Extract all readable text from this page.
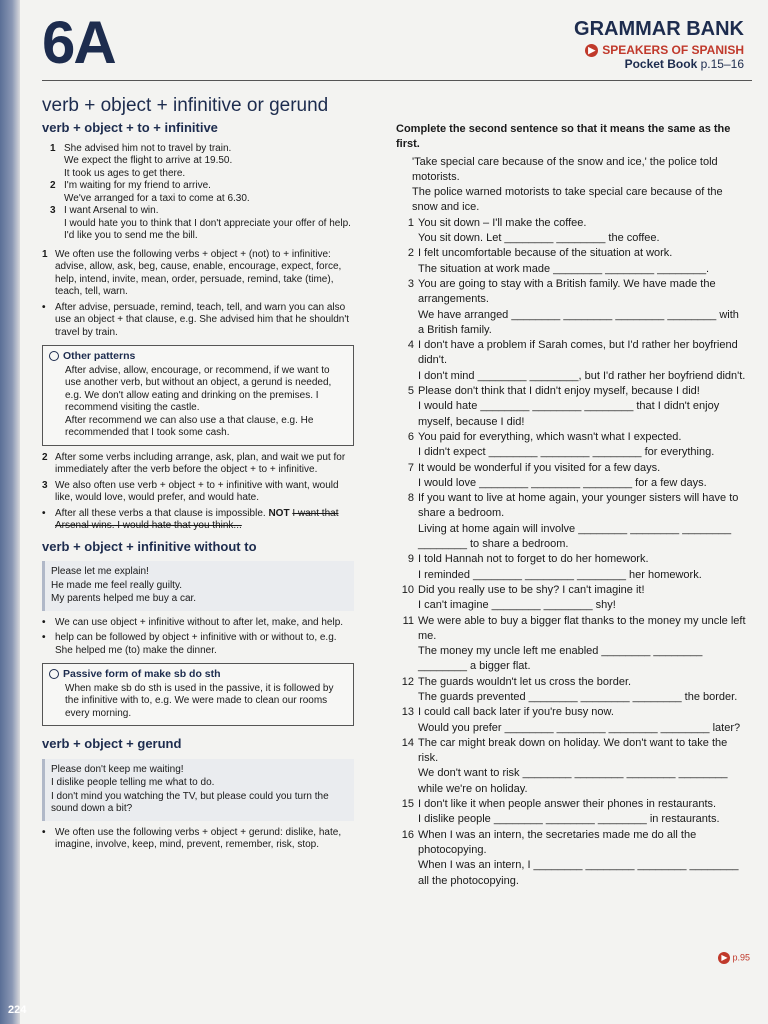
224
6A	GRAMMAR BANK
▶ SPEAKERS OF SPANISH
Pocket Book p.15–16
verb + object + infinitive or gerund
verb + object + to + infinitive
1 She advised him not to travel by train.
We expect the flight to arrive at 19.50.
It took us ages to get there.
2 I'm waiting for my friend to arrive.
We've arranged for a taxi to come at 6.30.
3 I want Arsenal to win.
I would hate you to think that I don't appreciate your offer of help.
I'd like you to send me the bill.
1 We often use the following verbs + object + (not) to + infinitive: advise, allow, ask, beg, cause, enable, encourage, expect, force, help, intend, invite, mean, order, persuade, remind, take (time), teach, tell, warn.
• After advise, persuade, remind, teach, tell, and warn you can also use an object + that clause, e.g. She advised him that he shouldn't travel by train.
Other patterns
After advise, allow, encourage, or recommend, if we want to use another verb, but without an object, a gerund is needed, e.g. We don't allow eating and drinking on the premises. I recommend visiting the castle.
After recommend we can also use a that clause, e.g. He recommended that I took some cash.
2 After some verbs including arrange, ask, plan, and wait we put for immediately after the verb before the object + to + infinitive.
3 We also often use verb + object + to + infinitive with want, would like, would love, would prefer, and would hate.
• After all these verbs a that clause is impossible. NOT I want that Arsenal wins. I would hate that you think...
verb + object + infinitive without to
Please let me explain!
He made me feel really guilty.
My parents helped me buy a car.
• We can use object + infinitive without to after let, make, and help.
• help can be followed by object + infinitive with or without to, e.g. She helped me (to) make the dinner.
Passive form of make sb do sth
When make sb do sth is used in the passive, it is followed by the infinitive with to, e.g. We were made to clean our rooms every morning.
verb + object + gerund
Please don't keep me waiting!
I dislike people telling me what to do.
I don't mind you watching the TV, but please could you turn the sound down a bit?
• We often use the following verbs + object + gerund: dislike, hate, imagine, involve, keep, mind, prevent, remember, risk, stop.
Complete the second sentence so that it means the same as the first.
'Take special care because of the snow and ice,' the police told motorists.
The police warned motorists to take special care because of the snow and ice.
1 You sit down – I'll make the coffee.
You sit down. Let ________ ________ the coffee.
2 I felt uncomfortable because of the situation at work.
The situation at work made ________ ________ ________.
3 You are going to stay with a British family. We have made the arrangements.
We have arranged ________ ________ ________ ________ with a British family.
4 I don't have a problem if Sarah comes, but I'd rather her boyfriend didn't.
I don't mind ________ ________, but I'd rather her boyfriend didn't.
5 Please don't think that I didn't enjoy myself, because I did!
I would hate ________ ________ ________ that I didn't enjoy myself, because I did!
6 You paid for everything, which wasn't what I expected.
I didn't expect ________ ________ ________ for everything.
7 It would be wonderful if you visited for a few days.
I would love ________ ________ ________ for a few days.
8 If you want to live at home again, your younger sisters will have to share a bedroom.
Living at home again will involve ________ ________ ________ ________ to share a bedroom.
9 I told Hannah not to forget to do her homework.
I reminded ________ ________ ________ her homework.
10 Did you really use to be shy? I can't imagine it!
I can't imagine ________ ________ shy!
11 We were able to buy a bigger flat thanks to the money my uncle left me.
The money my uncle left me enabled ________ ________ ________ a bigger flat.
12 The guards wouldn't let us cross the border.
The guards prevented ________ ________ ________ the border.
13 I could call back later if you're busy now.
Would you prefer ________ ________ ________ ________ later?
14 The car might break down on holiday. We don't want to take the risk.
We don't want to risk ________ ________ ________ ________ while we're on holiday.
15 I don't like it when people answer their phones in restaurants.
I dislike people ________ ________ ________ in restaurants.
16 When I was an intern, the secretaries made me do all the photocopying.
When I was an intern, I ________ ________ ________ ________ all the photocopying.
▶ p.95
